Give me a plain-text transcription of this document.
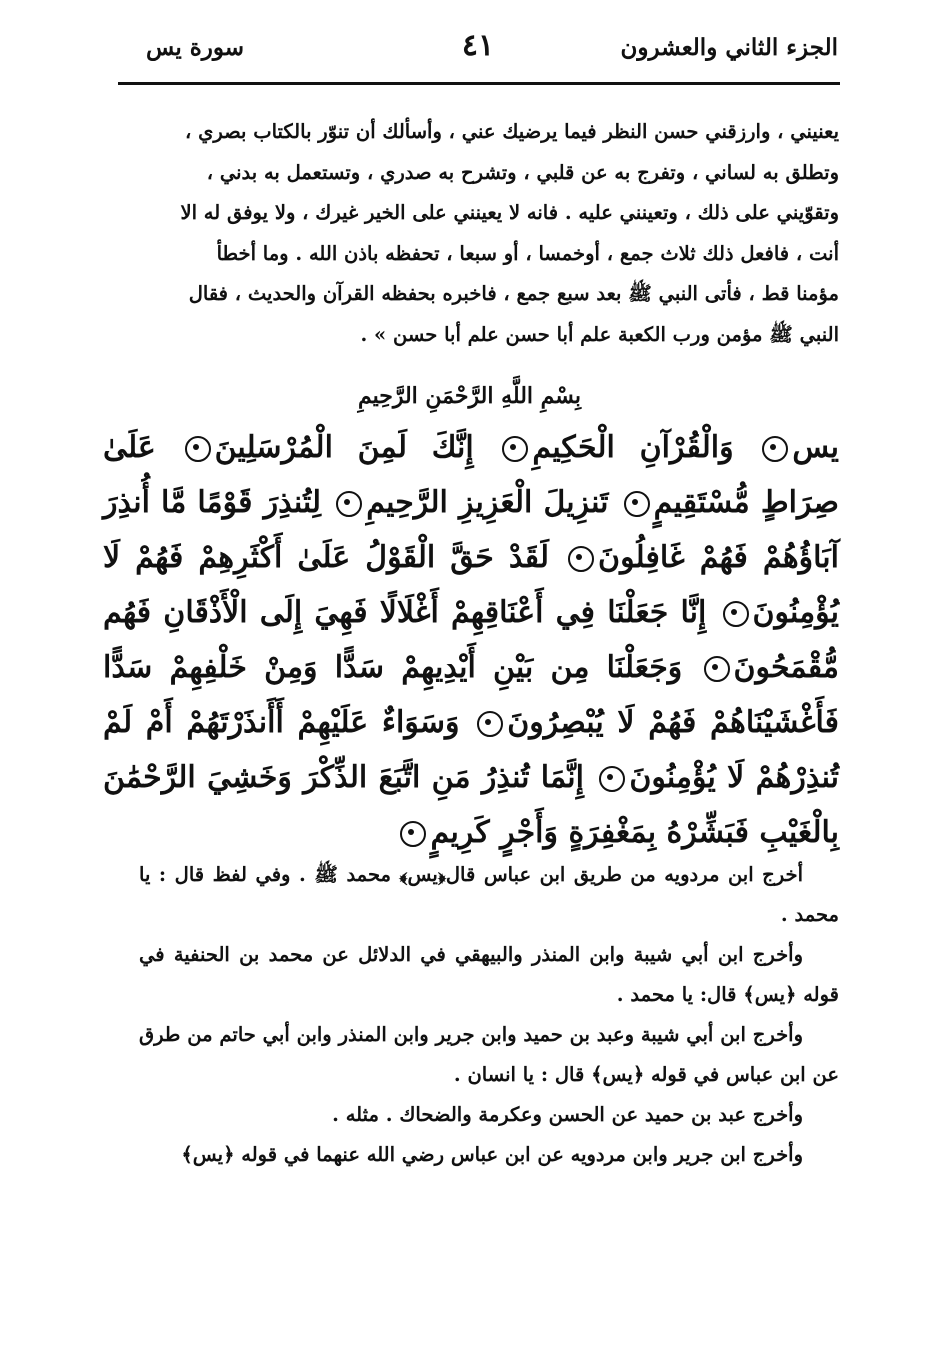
الجزء الثاني والعشرون
٤١
سورة يس

يعنيني ، وارزقني حسن النظر فيما يرضيك عني ، وأسألك أن تنوّر بالكتاب بصري ،

وتطلق به لساني ، وتفرج به عن قلبي ، وتشرح به صدري ، وتستعمل به بدني ،

وتقوّيني على ذلك ، وتعينني عليه . فانه لا يعينني على الخير غيرك ، ولا يوفق له الا

أنت ، فافعل ذلك ثلاث جمع ، أوخمسا ، أو سبعا ، تحفظه باذن الله . وما أخطأ

مؤمنا قط ، فأتى النبي ﷺ بعد سبع جمع ، فاخبره بحفظه القرآن والحديث ، فقال

النبي ﷺ مؤمن ورب الكعبة علم أبا حسن علم أبا حسن » .

بِسْمِ اللَّهِ الرَّحْمَنِ الرَّحِيمِ
يس وَالْقُرْآنِ الْحَكِيمِ إِنَّكَ لَمِنَ الْمُرْسَلِينَ عَلَىٰ صِرَاطٍ مُّسْتَقِيمٍ تَنزِيلَ الْعَزِيزِ الرَّحِيمِ لِتُنذِرَ قَوْمًا مَّا أُنذِرَ آبَاؤُهُمْ فَهُمْ غَافِلُونَ لَقَدْ حَقَّ الْقَوْلُ عَلَىٰ أَكْثَرِهِمْ فَهُمْ لَا يُؤْمِنُونَ إِنَّا جَعَلْنَا فِي أَعْنَاقِهِمْ أَغْلَالًا فَهِيَ إِلَى الْأَذْقَانِ فَهُم مُّقْمَحُونَ وَجَعَلْنَا مِن بَيْنِ أَيْدِيهِمْ سَدًّا وَمِنْ خَلْفِهِمْ سَدًّا فَأَغْشَيْنَاهُمْ فَهُمْ لَا يُبْصِرُونَ وَسَوَاءٌ عَلَيْهِمْ أَأَنذَرْتَهُمْ أَمْ لَمْ تُنذِرْهُمْ لَا يُؤْمِنُونَ إِنَّمَا تُنذِرُ مَنِ اتَّبَعَ الذِّكْرَ وَخَشِيَ الرَّحْمَٰنَ بِالْغَيْبِ فَبَشِّرْهُ بِمَغْفِرَةٍ وَأَجْرٍ كَرِيمٍ

أخرج ابن مردويه من طريق ابن عباس قال﴿يس﴾ محمد ﷺ . وفي لفظ قال : يا محمد .

وأخرج ابن أبي شيبة وابن المنذر والبيهقي في الدلائل عن محمد بن الحنفية في قوله ﴿يس﴾ قال: يا محمد .

وأخرج ابن أبي شيبة وعبد بن حميد وابن جرير وابن المنذر وابن أبي حاتم من طرق عن ابن عباس في قوله ﴿يس﴾ قال : يا انسان .

وأخرج عبد بن حميد عن الحسن وعكرمة والضحاك . مثله .

وأخرج ابن جرير وابن مردويه عن ابن عباس رضي الله عنهما في قوله ﴿يس﴾
